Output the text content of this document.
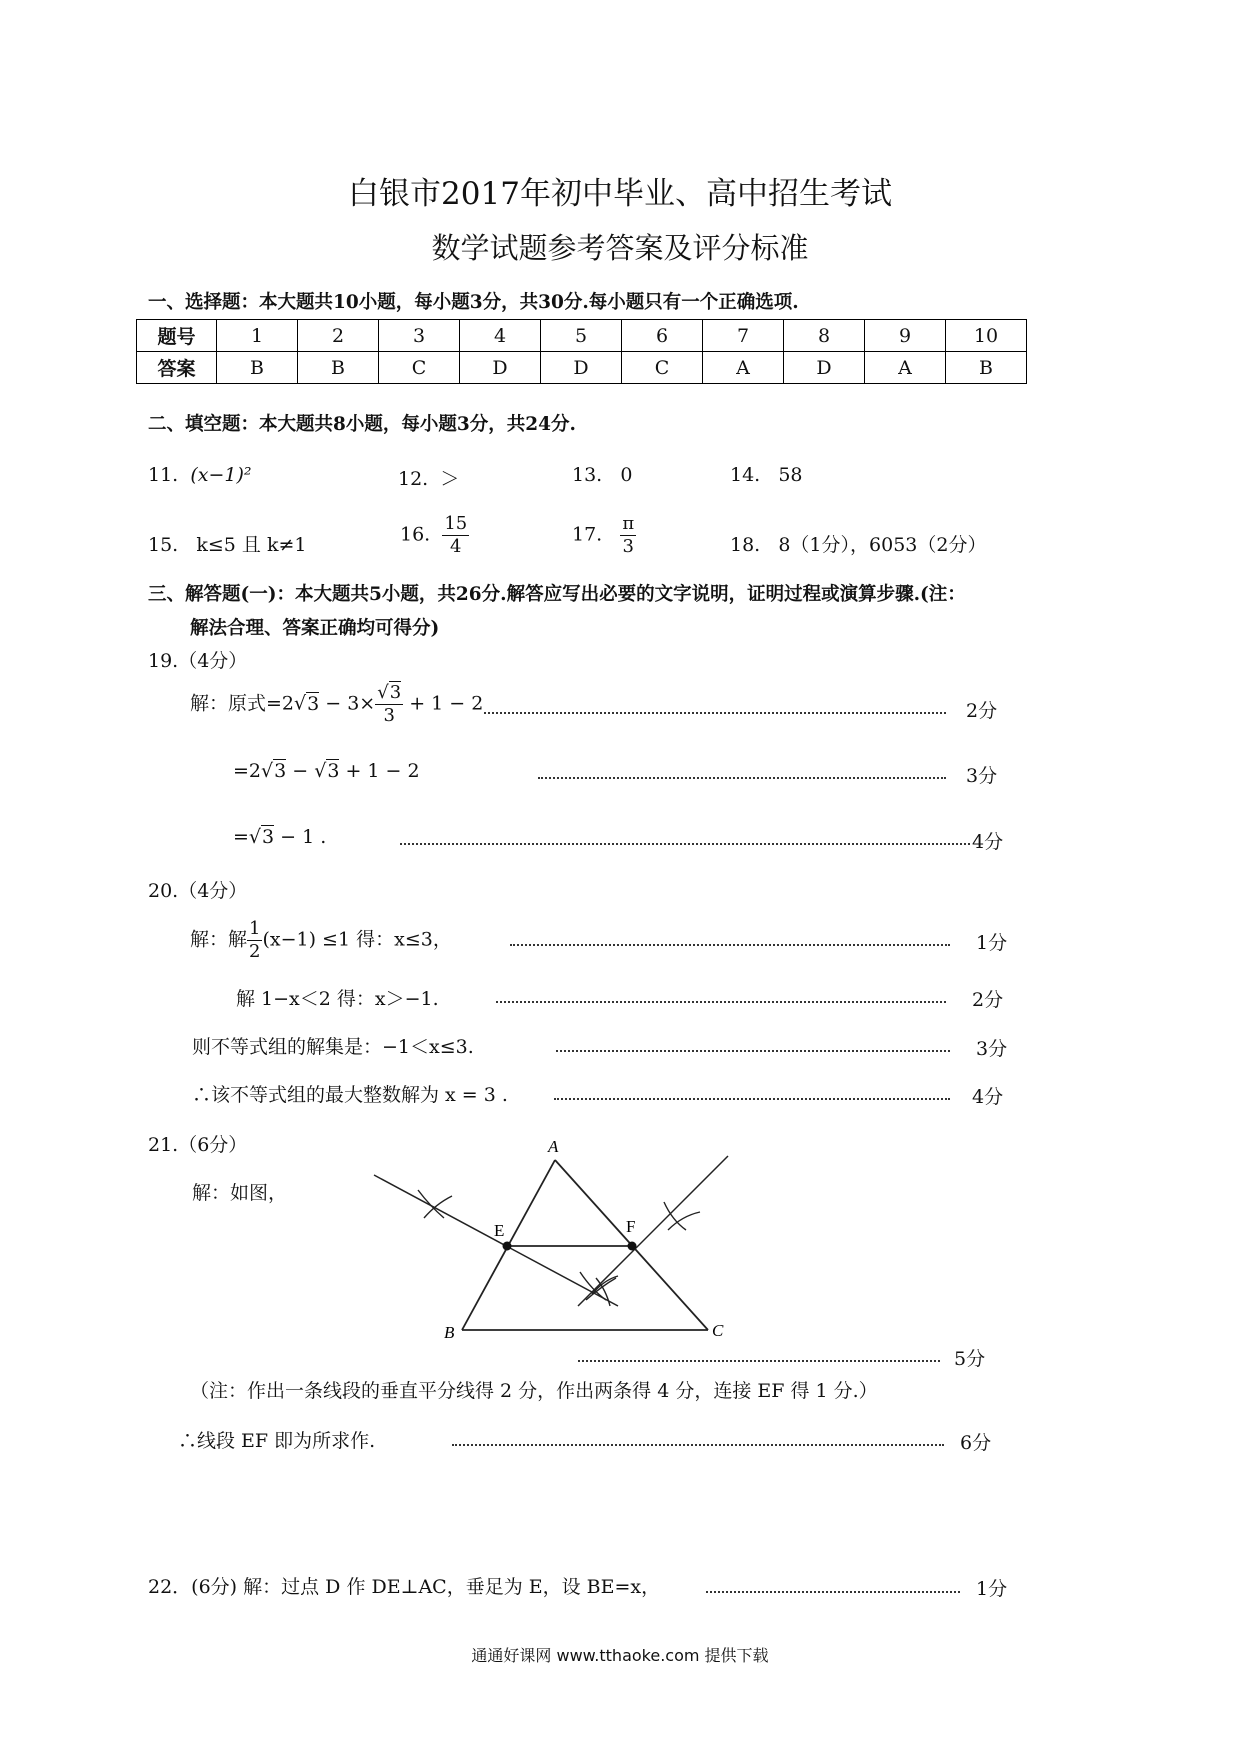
白银市2017年初中毕业、高中招生考试
数学试题参考答案及评分标准
一、选择题：本大题共10小题，每小题3分，共30分.每小题只有一个正确选项.
题号	1	2	3	4	5	6	7	8	9	10
答案	B	B	C	D	D	C	A	D	A	B
二、填空题：本大题共8小题，每小题3分，共24分.
11. (x−1)²	12. ＞	13. 0	14. 58
15. k≤5 且 k≠1	16. $\frac{15}{4}$	17. $\frac{\pi}{3}$	18. 8（1分），6053（2分）
三、解答题(一)：本大题共5小题，共26分.解答应写出必要的文字说明，证明过程或演算步骤.(注：
解法合理、答案正确均可得分)
19.（4分）
解：原式$=2√3 - 3\times \frac{√3}{3} + 1 - 2$	2分
=2√3 − √3 + 1 − 2	3分
=√3 − 1 .	4分
20.（4分）
解：解 $\frac{1}{2} (x-1) \le 1$ 得：x≤3，	1分
解 1−x＜2 得：x＞−1.	2分
则不等式组的解集是：−1＜x≤3.	3分
∴该不等式组的最大整数解为 x = 3 .	4分
21.（6分）
解：如图，
A
B	C
E	F
5分
（注：作出一条线段的垂直平分线得 2 分，作出两条得 4 分，连接 EF 得 1 分.）
∴线段 EF 即为所求作.	6分
22．(6分) 解：过点 D 作 DE⊥AC，垂足为 E，设 BE=x，	1分
通通好课网 www.tthaoke.com 提供下载
